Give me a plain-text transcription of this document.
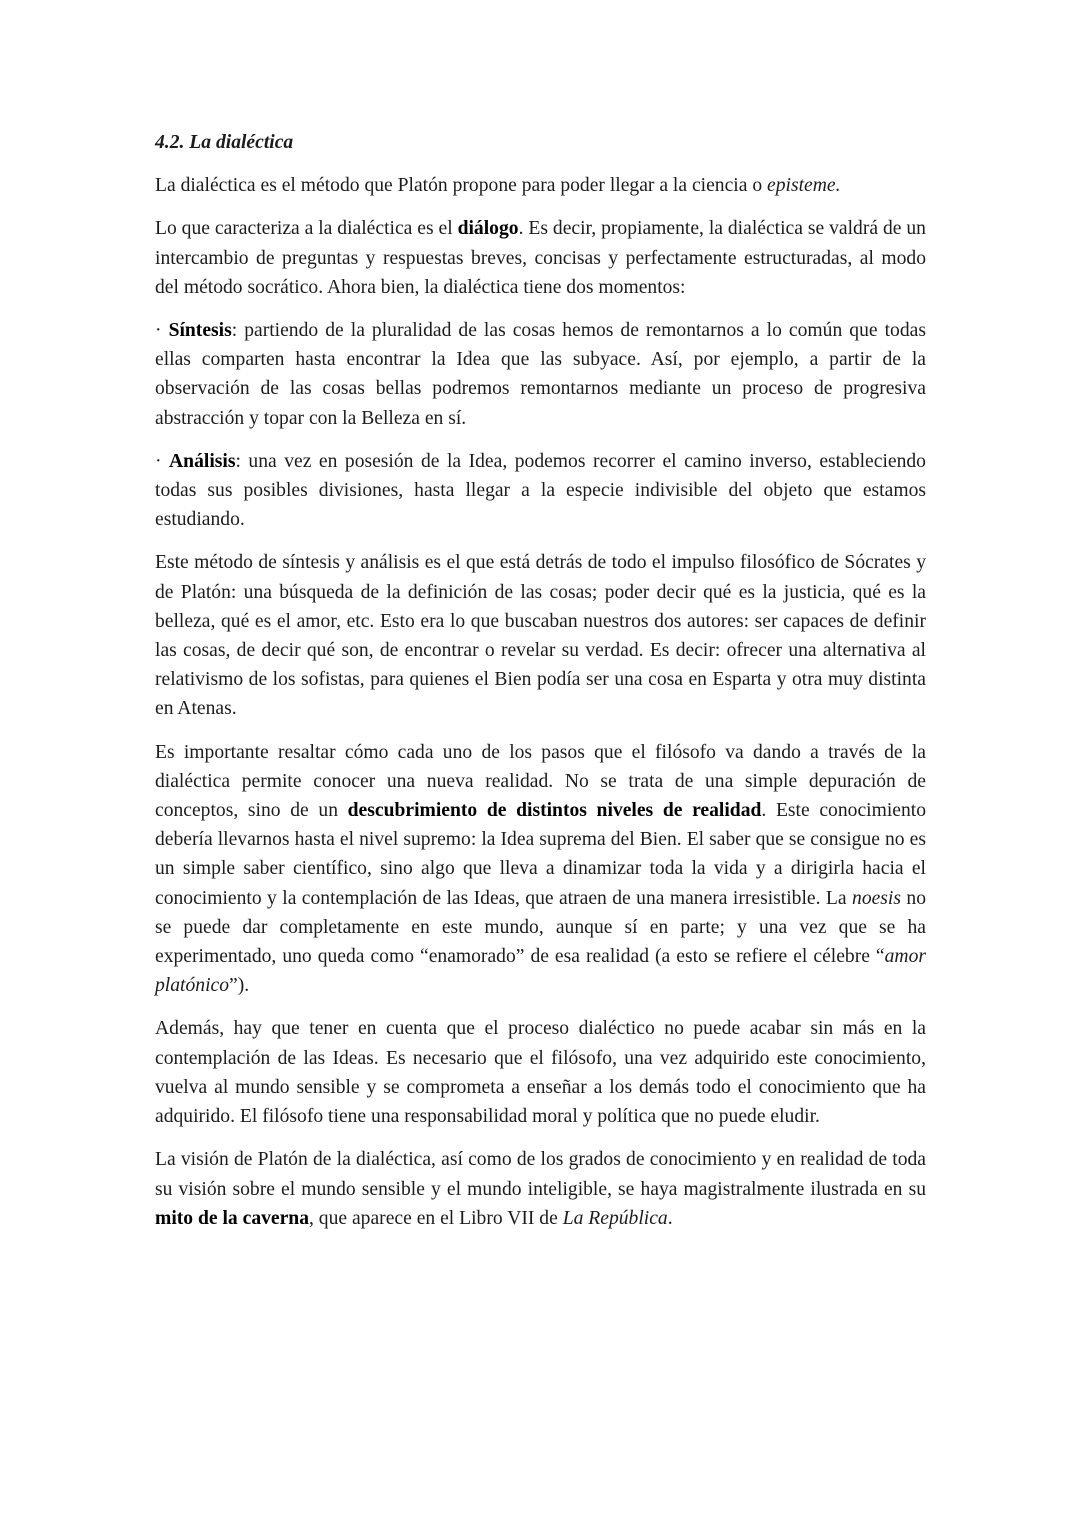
4.2. La dialéctica

La dialéctica es el método que Platón propone para poder llegar a la ciencia o episteme.

Lo que caracteriza a la dialéctica es el diálogo. Es decir, propiamente, la dialéctica se valdrá de un intercambio de preguntas y respuestas breves, concisas y perfectamente estructuradas, al modo del método socrático. Ahora bien, la dialéctica tiene dos momentos:

· Síntesis: partiendo de la pluralidad de las cosas hemos de remontarnos a lo común que todas ellas comparten hasta encontrar la Idea que las subyace. Así, por ejemplo, a partir de la observación de las cosas bellas podremos remontarnos mediante un proceso de progresiva abstracción y topar con la Belleza en sí.

· Análisis: una vez en posesión de la Idea, podemos recorrer el camino inverso, estableciendo todas sus posibles divisiones, hasta llegar a la especie indivisible del objeto que estamos estudiando.

Este método de síntesis y análisis es el que está detrás de todo el impulso filosófico de Sócrates y de Platón: una búsqueda de la definición de las cosas; poder decir qué es la justicia, qué es la belleza, qué es el amor, etc. Esto era lo que buscaban nuestros dos autores: ser capaces de definir las cosas, de decir qué son, de encontrar o revelar su verdad. Es decir: ofrecer una alternativa al relativismo de los sofistas, para quienes el Bien podía ser una cosa en Esparta y otra muy distinta en Atenas.

Es importante resaltar cómo cada uno de los pasos que el filósofo va dando a través de la dialéctica permite conocer una nueva realidad. No se trata de una simple depuración de conceptos, sino de un descubrimiento de distintos niveles de realidad. Este conocimiento debería llevarnos hasta el nivel supremo: la Idea suprema del Bien. El saber que se consigue no es un simple saber científico, sino algo que lleva a dinamizar toda la vida y a dirigirla hacia el conocimiento y la contemplación de las Ideas, que atraen de una manera irresistible. La noesis no se puede dar completamente en este mundo, aunque sí en parte; y una vez que se ha experimentado, uno queda como “enamorado” de esa realidad (a esto se refiere el célebre “amor platónico”).

Además, hay que tener en cuenta que el proceso dialéctico no puede acabar sin más en la contemplación de las Ideas. Es necesario que el filósofo, una vez adquirido este conocimiento, vuelva al mundo sensible y se comprometa a enseñar a los demás todo el conocimiento que ha adquirido. El filósofo tiene una responsabilidad moral y política que no puede eludir.

La visión de Platón de la dialéctica, así como de los grados de conocimiento y en realidad de toda su visión sobre el mundo sensible y el mundo inteligible, se haya magistralmente ilustrada en su mito de la caverna, que aparece en el Libro VII de La República.
